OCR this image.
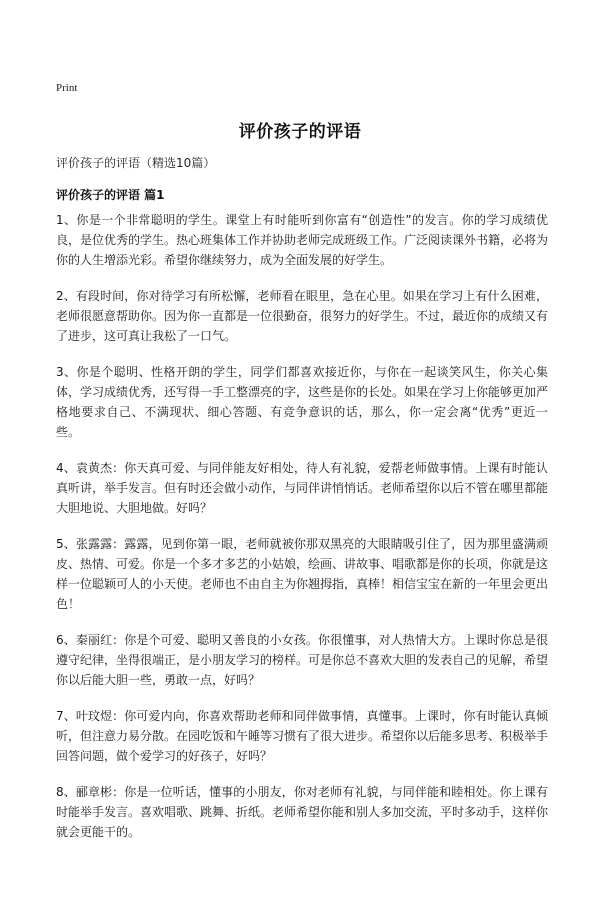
Print
评价孩子的评语
评价孩子的评语（精选10篇）
评价孩子的评语 篇1

1、你是一个非常聪明的学生。课堂上有时能听到你富有“创造性”的发言。你的学习成绩优良，是位优秀的学生。热心班集体工作并协助老师完成班级工作。广泛阅读课外书籍，必将为你的人生增添光彩。希望你继续努力，成为全面发展的好学生。

2、有段时间，你对待学习有所松懈，老师看在眼里，急在心里。如果在学习上有什么困难，老师很愿意帮助你。因为你一直都是一位很勤奋，很努力的好学生。不过，最近你的成绩又有了进步，这可真让我松了一口气。

3、你是个聪明、性格开朗的学生，同学们都喜欢接近你，与你在一起谈笑风生，你关心集体，学习成绩优秀，还写得一手工整漂亮的字，这些是你的长处。如果在学习上你能够更加严格地要求自己、不满现状、细心答题、有竞争意识的话，那么，你一定会离“优秀”更近一些。

4、袁黄杰：你天真可爱、与同伴能友好相处，待人有礼貌，爱帮老师做事情。上课有时能认真听讲，举手发言。但有时还会做小动作，与同伴讲悄悄话。老师希望你以后不管在哪里都能大胆地说、大胆地做。好吗？

5、张露露：露露，见到你第一眼，老师就被你那双黑亮的大眼睛吸引住了，因为那里盛满顽皮、热情、可爱。你是一个多才多艺的小姑娘，绘画、讲故事、唱歌都是你的长项，你就是这样一位聪颖可人的小天使。老师也不由自主为你翘拇指，真棒！相信宝宝在新的一年里会更出色！

6、秦丽红：你是个可爱、聪明又善良的小女孩。你很懂事，对人热情大方。上课时你总是很遵守纪律，坐得很端正，是小朋友学习的榜样。可是你总不喜欢大胆的发表自己的见解，希望你以后能大胆一些，勇敢一点，好吗？

7、叶玟煜：你可爱内向，你喜欢帮助老师和同伴做事情，真懂事。上课时，你有时能认真倾听，但注意力易分散。在园吃饭和午睡等习惯有了很大进步。希望你以后能多思考、积极举手回答问题，做个爱学习的好孩子，好吗？

8、郦章彬：你是一位听话，懂事的小朋友，你对老师有礼貌，与同伴能和睦相处。你上课有时能举手发言。喜欢唱歌、跳舞、折纸。老师希望你能和别人多加交流，平时多动手，这样你就会更能干的。
